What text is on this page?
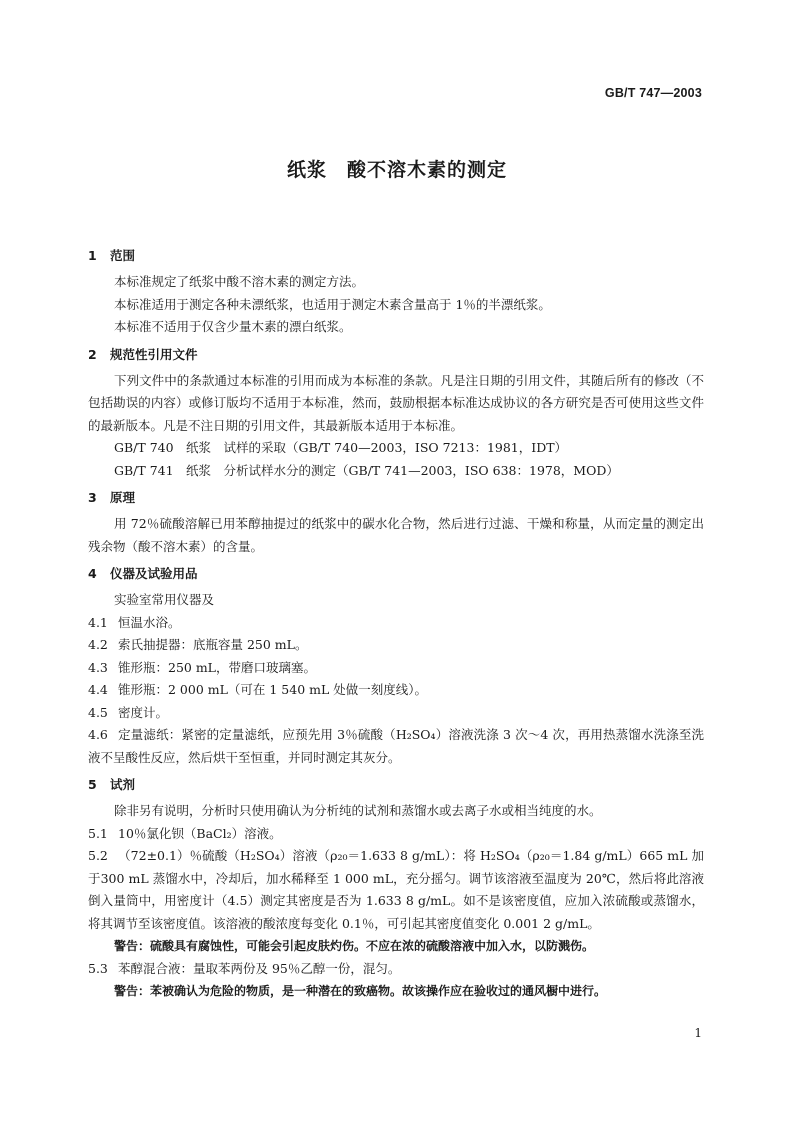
GB/T 747—2003
纸浆　酸不溶木素的测定
1 范围
本标准规定了纸浆中酸不溶木素的测定方法。
本标准适用于测定各种未漂纸浆，也适用于测定木素含量高于 1％的半漂纸浆。
本标准不适用于仅含少量木素的漂白纸浆。
2 规范性引用文件
下列文件中的条款通过本标准的引用而成为本标准的条款。凡是注日期的引用文件，其随后所有的修改（不包括勘误的内容）或修订版均不适用于本标准，然而，鼓励根据本标准达成协议的各方研究是否可使用这些文件的最新版本。凡是不注日期的引用文件，其最新版本适用于本标准。
GB/T 740　纸浆　试样的采取（GB/T 740—2003，ISO 7213：1981，IDT）
GB/T 741　纸浆　分析试样水分的测定（GB/T 741—2003，ISO 638：1978，MOD）
3 原理
用 72％硫酸溶解已用苯醇抽提过的纸浆中的碳水化合物，然后进行过滤、干燥和称量，从而定量的测定出残余物（酸不溶木素）的含量。
4 仪器及试验用品
实验室常用仪器及
4.1 恒温水浴。
4.2 索氏抽提器：底瓶容量 250 mL。
4.3 锥形瓶：250 mL，带磨口玻璃塞。
4.4 锥形瓶：2 000 mL（可在 1 540 mL 处做一刻度线）。
4.5 密度计。
4.6 定量滤纸：紧密的定量滤纸，应预先用 3％硫酸（H₂SO₄）溶液洗涤 3 次～4 次，再用热蒸馏水洗涤至洗液不呈酸性反应，然后烘干至恒重，并同时测定其灰分。
5 试剂
除非另有说明，分析时只使用确认为分析纯的试剂和蒸馏水或去离子水或相当纯度的水。
5.1 10％氯化钡（BaCl₂）溶液。
5.2 （72±0.1）％硫酸（H₂SO₄）溶液（ρ₂₀＝1.633 8 g/mL）：将 H₂SO₄（ρ₂₀＝1.84 g/mL）665 mL 加于300 mL 蒸馏水中，冷却后，加水稀释至 1 000 mL，充分摇匀。调节该溶液至温度为 20℃，然后将此溶液倒入量筒中，用密度计（4.5）测定其密度是否为 1.633 8 g/mL。如不是该密度值，应加入浓硫酸或蒸馏水，将其调节至该密度值。该溶液的酸浓度每变化 0.1％，可引起其密度值变化 0.001 2 g/mL。
警告：硫酸具有腐蚀性，可能会引起皮肤灼伤。不应在浓的硫酸溶液中加入水，以防溅伤。
5.3 苯醇混合液：量取苯两份及 95％乙醇一份，混匀。
警告：苯被确认为危险的物质，是一种潜在的致癌物。故该操作应在验收过的通风橱中进行。
1
